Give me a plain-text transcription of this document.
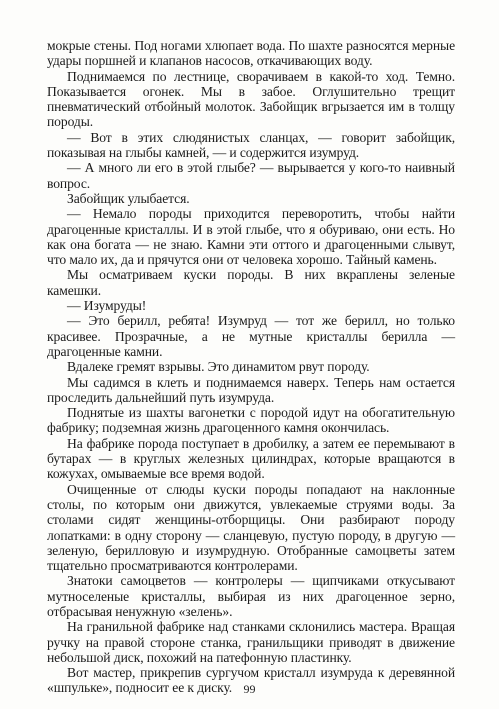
мокрые стены. Под ногами хлюпает вода. По шахте разносятся мерные удары поршней и клапанов насосов, откачивающих воду.

Поднимаемся по лестнице, сворачиваем в какой-то ход. Темно. Показывается огонек. Мы в забое. Оглушительно трещит пневматический отбойный молоток. Забойщик вгрызается им в толщу породы.

— Вот в этих слюдянистых сланцах, — говорит забойщик, показывая на глыбы камней, — и содержится изумруд.

— А много ли его в этой глыбе? — вырывается у кого-то наивный вопрос.

Забойщик улыбается.

— Немало породы приходится переворотить, чтобы найти драгоценные кристаллы. И в этой глыбе, что я обуриваю, они есть. Но как она богата — не знаю. Камни эти оттого и драгоценными слывут, что мало их, да и прячутся они от человека хорошо. Тайный камень.

Мы осматриваем куски породы. В них вкраплены зеленые камешки.

— Изумруды!

— Это берилл, ребята! Изумруд — тот же берилл, но только красивее. Прозрачные, а не мутные кристаллы берилла — драгоценные камни.

Вдалеке гремят взрывы. Это динамитом рвут породу.

Мы садимся в клеть и поднимаемся наверх. Теперь нам остается проследить дальнейший путь изумруда.

Поднятые из шахты вагонетки с породой идут на обогатительную фабрику; подземная жизнь драгоценного камня окончилась.

На фабрике порода поступает в дробилку, а затем ее перемывают в бутарах — в круглых железных цилиндрах, которые вращаются в кожухах, омываемые все время водой.

Очищенные от слюды куски породы попадают на наклонные столы, по которым они движутся, увлекаемые струями воды. За столами сидят женщины-отборщицы. Они разбирают породу лопатками: в одну сторону — сланцевую, пустую породу, в другую — зеленую, берилловую и изумрудную. Отобранные самоцветы затем тщательно просматриваются контролерами.

Знатоки самоцветов — контролеры — щипчиками откусывают мутноселеные кристаллы, выбирая из них драгоценное зерно, отбрасывая ненужную «зелень».

На гранильной фабрике над станками склонились мастера. Вращая ручку на правой стороне станка, гранильщики приводят в движение небольшой диск, похожий на патефонную пластинку.

Вот мастер, прикрепив сургучом кристалл изумруда к деревянной «шпульке», подносит ее к диску. 99
